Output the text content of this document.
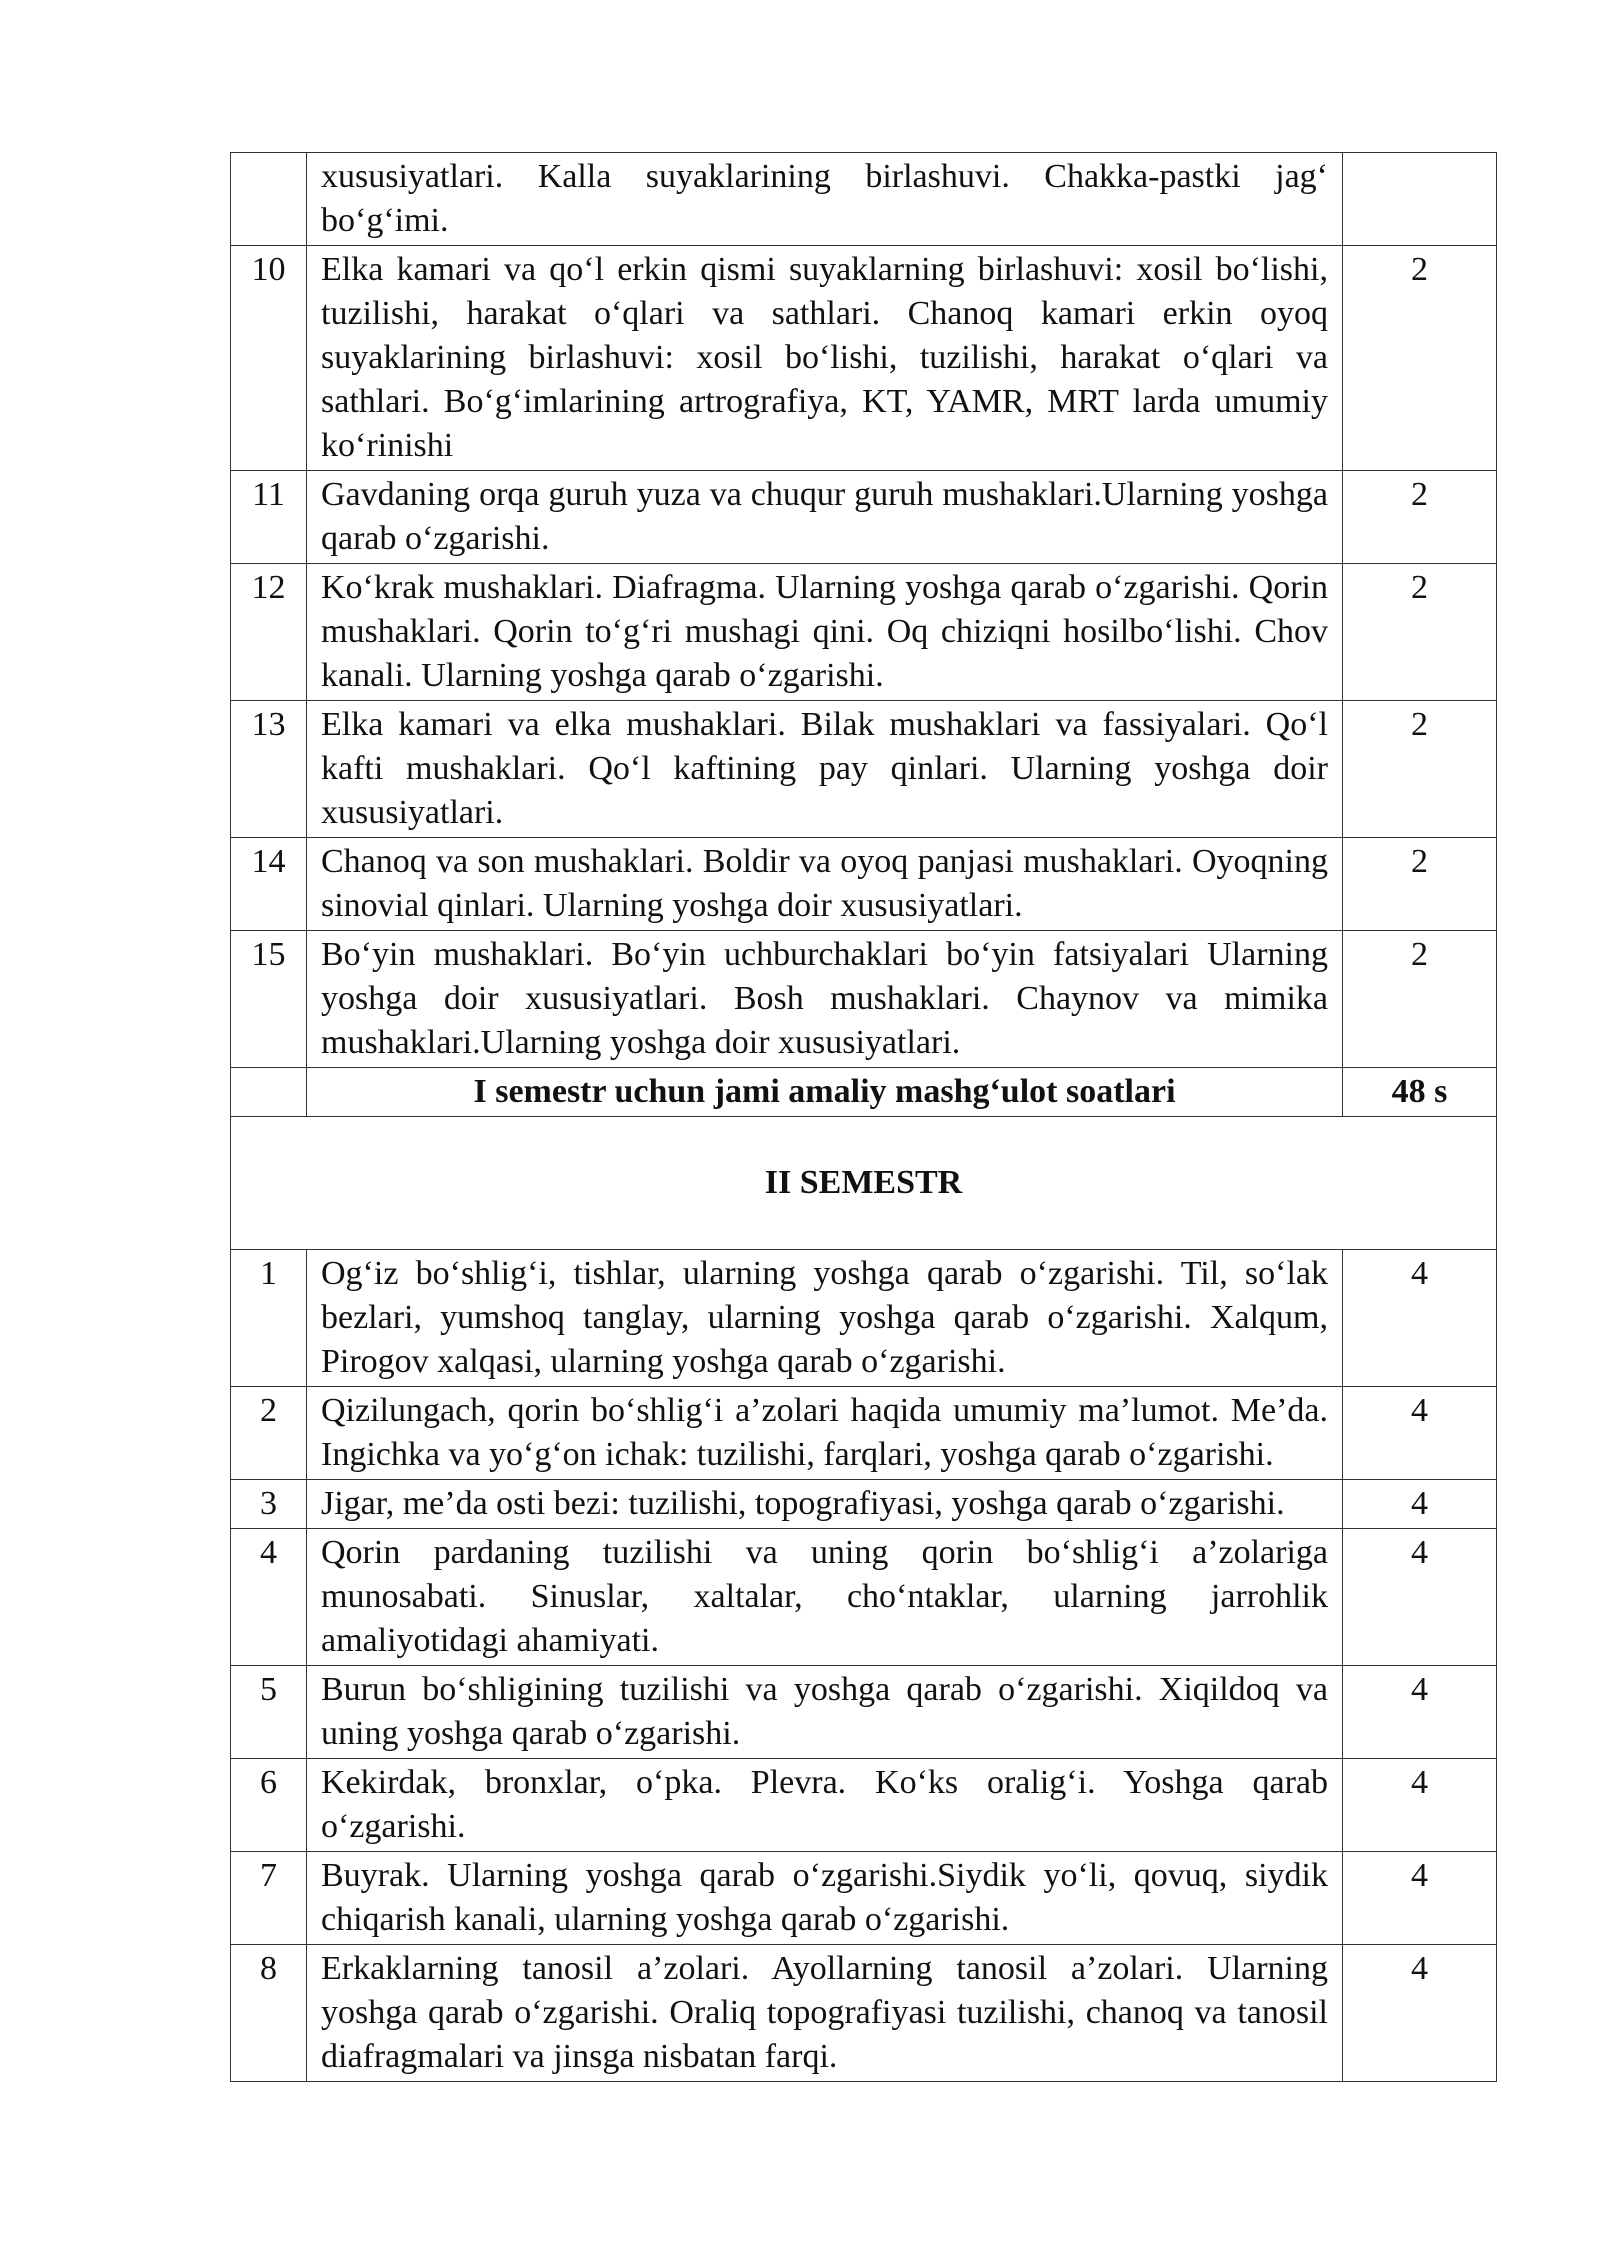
	xususiyatlari. Kalla suyaklarining birlashuvi. Chakka-pastki jag‘ bo‘g‘imi.	
10	Elka kamari va qo‘l erkin qismi suyaklarning birlashuvi: xosil bo‘lishi, tuzilishi, harakat o‘qlari va sathlari. Chanoq kamari erkin oyoq suyaklarining birlashuvi: xosil bo‘lishi, tuzilishi, harakat o‘qlari va sathlari. Bo‘g‘imlarining artrografiya, KT, YAMR, MRT larda umumiy ko‘rinishi	2
11	Gavdaning orqa guruh yuza va chuqur guruh mushaklari.Ularning yoshga qarab o‘zgarishi.	2
12	Ko‘krak mushaklari. Diafragma. Ularning yoshga qarab o‘zgarishi. Qorin mushaklari. Qorin to‘g‘ri mushagi qini. Oq chiziqni hosilbo‘lishi. Chov kanali. Ularning yoshga qarab o‘zgarishi.	2
13	Elka kamari va elka mushaklari. Bilak mushaklari va fassiyalari. Qo‘l kafti mushaklari. Qo‘l kaftining pay qinlari. Ularning yoshga doir xususiyatlari.	2
14	Chanoq va son mushaklari. Boldir va oyoq panjasi mushaklari. Oyoqning sinovial qinlari. Ularning yoshga doir xususiyatlari.	2
15	Bo‘yin mushaklari. Bo‘yin uchburchaklari bo‘yin fatsiyalari Ularning yoshga doir xususiyatlari. Bosh mushaklari. Chaynov va mimika mushaklari.Ularning yoshga doir xususiyatlari.	2
	I semestr uchun jami amaliy mashg‘ulot soatlari	48 s
II SEMESTR		
1	Og‘iz bo‘shlig‘i, tishlar, ularning yoshga qarab o‘zgarishi. Til, so‘lak bezlari, yumshoq tanglay, ularning yoshga qarab o‘zgarishi. Xalqum, Pirogov xalqasi, ularning yoshga qarab o‘zgarishi.	4
2	Qizilungach, qorin bo‘shlig‘i a’zolari haqida umumiy ma’lumot. Me’da. Ingichka va yo‘g‘on ichak: tuzilishi, farqlari, yoshga qarab o‘zgarishi.	4
3	Jigar, me’da osti bezi: tuzilishi, topografiyasi, yoshga qarab o‘zgarishi.	4
4	Qorin pardaning tuzilishi va uning qorin bo‘shlig‘i a’zolariga munosabati. Sinuslar, xaltalar, cho‘ntaklar, ularning jarrohlik amaliyotidagi ahamiyati.	4
5	Burun bo‘shligining tuzilishi va yoshga qarab o‘zgarishi. Xiqildoq va uning yoshga qarab o‘zgarishi.	4
6	Kekirdak, bronxlar, o‘pka. Plevra. Ko‘ks oralig‘i. Yoshga qarab o‘zgarishi.	4
7	Buyrak. Ularning yoshga qarab o‘zgarishi.Siydik yo‘li, qovuq, siydik chiqarish kanali, ularning yoshga qarab o‘zgarishi.	4
8	Erkaklarning tanosil a’zolari. Ayollarning tanosil a’zolari. Ularning yoshga qarab o‘zgarishi. Oraliq topografiyasi tuzilishi, chanoq va tanosil diafragmalari va jinsga nisbatan farqi.	4
